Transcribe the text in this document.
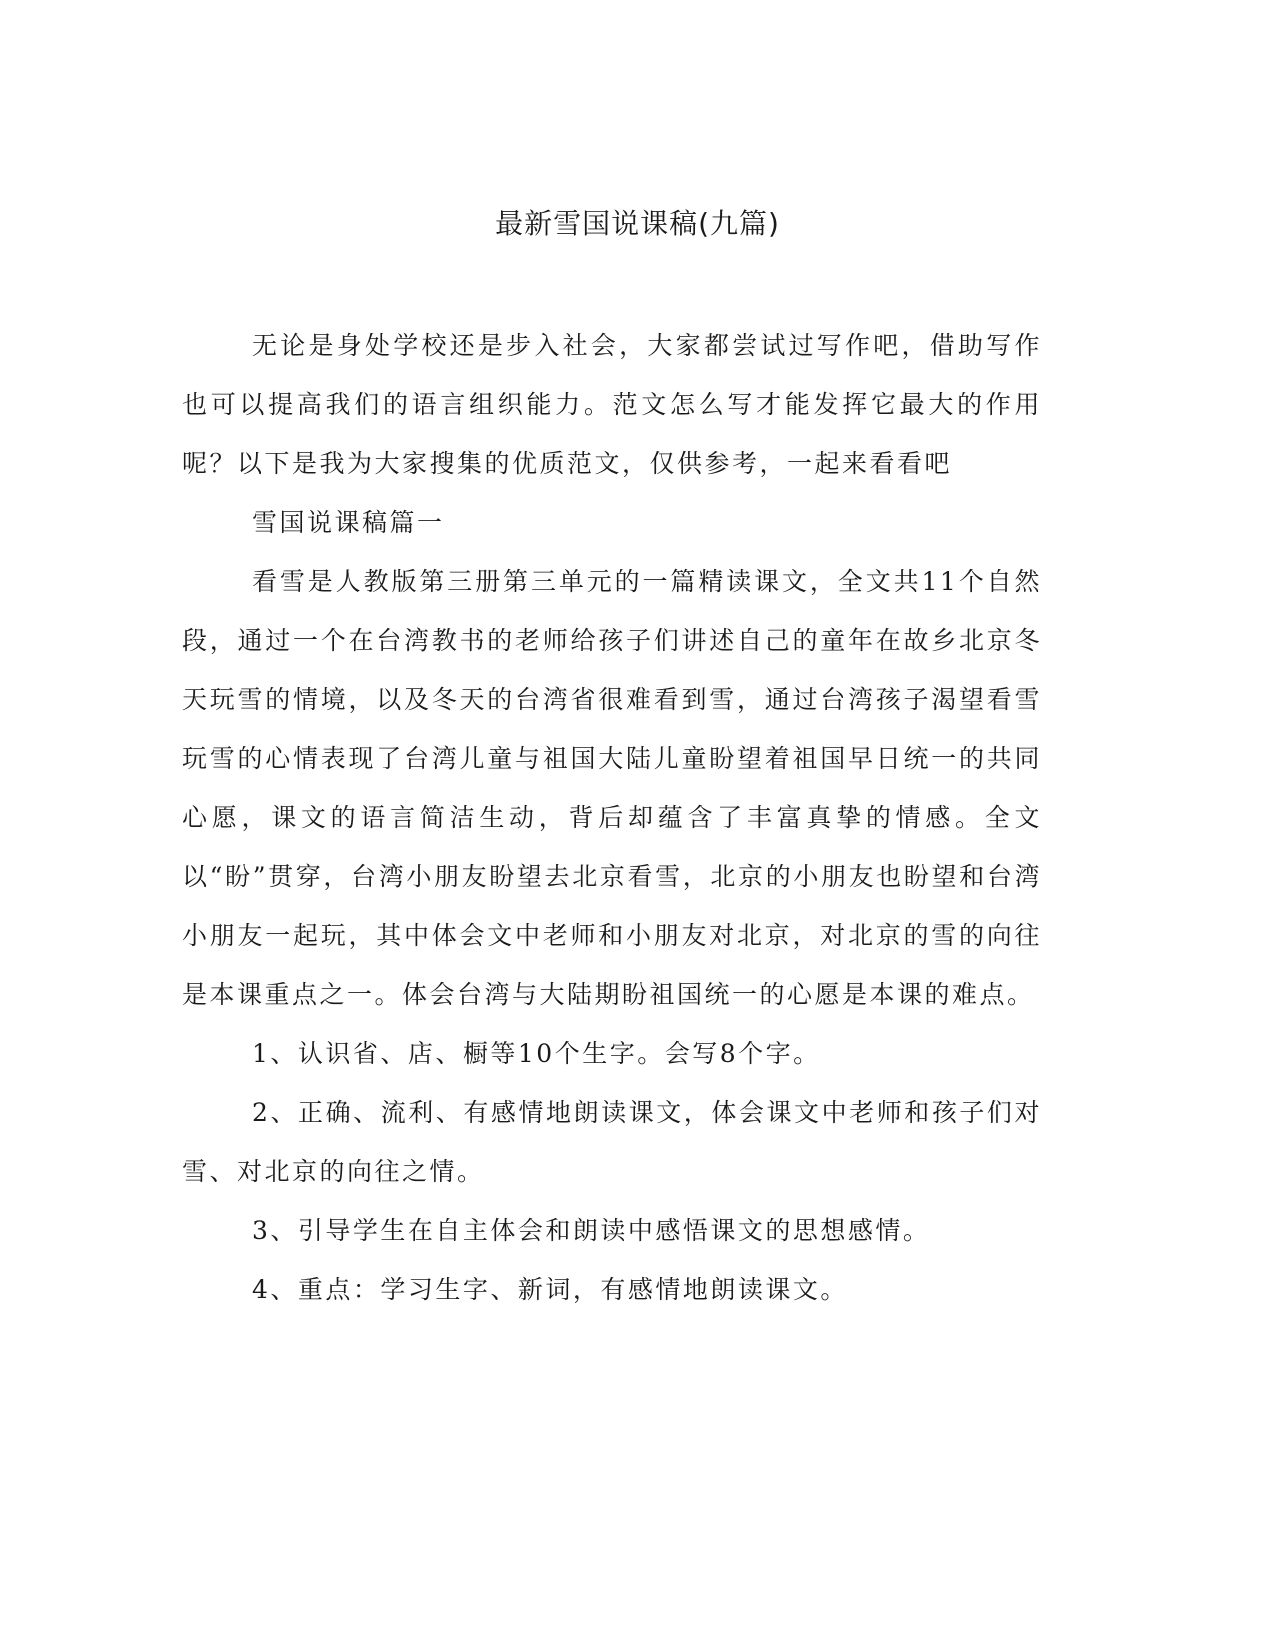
最新雪国说课稿(九篇)

无论是身处学校还是步入社会，大家都尝试过写作吧，借助写作也可以提高我们的语言组织能力。范文怎么写才能发挥它最大的作用呢？以下是我为大家搜集的优质范文，仅供参考，一起来看看吧

雪国说课稿篇一

看雪是人教版第三册第三单元的一篇精读课文，全文共11个自然段，通过一个在台湾教书的老师给孩子们讲述自己的童年在故乡北京冬天玩雪的情境，以及冬天的台湾省很难看到雪，通过台湾孩子渴望看雪玩雪的心情表现了台湾儿童与祖国大陆儿童盼望着祖国早日统一的共同心愿，课文的语言简洁生动，背后却蕴含了丰富真挚的情感。全文以“盼”贯穿，台湾小朋友盼望去北京看雪，北京的小朋友也盼望和台湾小朋友一起玩，其中体会文中老师和小朋友对北京，对北京的雪的向往是本课重点之一。体会台湾与大陆期盼祖国统一的心愿是本课的难点。

1、认识省、店、橱等10个生字。会写8个字。

2、正确、流利、有感情地朗读课文，体会课文中老师和孩子们对雪、对北京的向往之情。

3、引导学生在自主体会和朗读中感悟课文的思想感情。

4、重点：学习生字、新词，有感情地朗读课文。
